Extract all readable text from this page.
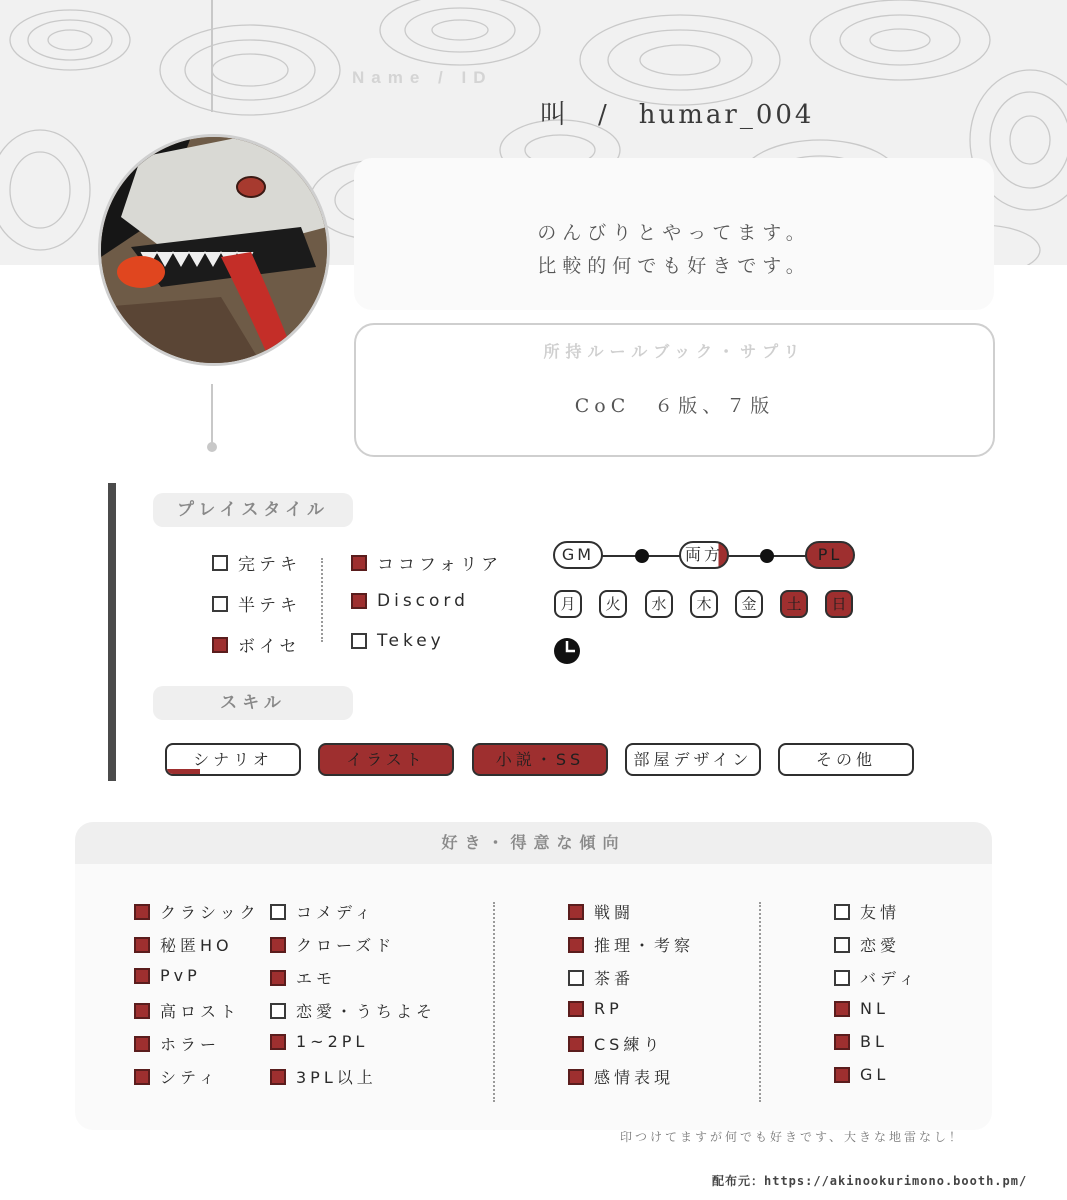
Name / ID
叫　/　humar_004
のんびりとやってます。
比較的何でも好きです。
所持ルールブック・サプリ
CoC　６版、７版
プレイスタイル
完テキ
半テキ
ボイセ
ココフォリア
Discord
Tekey
GM	両方	PL
月	火	水	木	金	土	日
スキル
シナリオ	イラスト	小説・SS	部屋デザイン	その他
好き・得意な傾向
クラシック
秘匿HO
PvP
高ロスト
ホラー
シティ
コメディ
クローズド
エモ
恋愛・うちよそ
1~2PL
3PL以上
戦闘
推理・考察
茶番
RP
CS練り
感情表現
友情
恋愛
バディ
NL
BL
GL
印つけてますが何でも好きです、大きな地雷なし！
配布元：https://akinookurimono.booth.pm/
